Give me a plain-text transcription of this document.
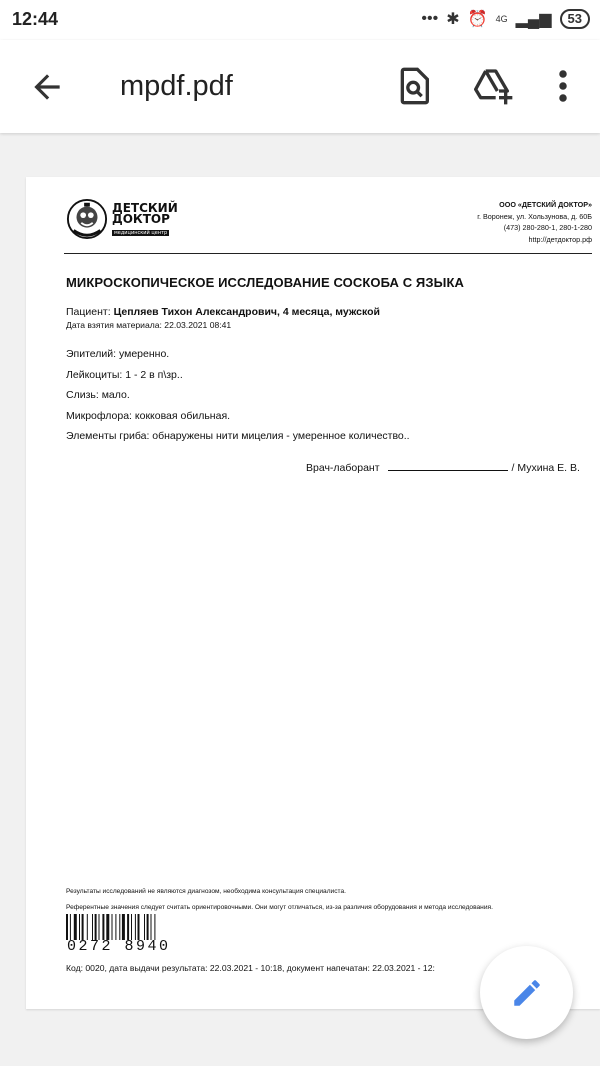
12:44	••• ✱ ⏰ 4G ▂▄▆	53
mpdf.pdf
ДЕТСКИЙ
ДОКТОР
медицинский центр
ООО «ДЕТСКИЙ ДОКТОР»
г. Воронеж, ул. Хользунова, д. 60Б
(473) 280-280-1, 280-1-280
http://детдоктор.рф
МИКРОСКОПИЧЕСКОЕ ИССЛЕДОВАНИЕ СОСКОБА С ЯЗЫКА
Пациент: Цепляев Тихон Александрович, 4 месяца, мужской
Дата взятия материала: 22.03.2021 08:41
Эпителий: умеренно.
Лейкоциты: 1 - 2 в п\зр..
Слизь: мало.
Микрофлора: кокковая обильная.
Элементы гриба: обнаружены нити мицелия - умеренное количество..
Врач-лаборант	/ Мухина Е. В.
Результаты исследований не являются диагнозом, необходима консультация специалиста.
Референтные значения следует считать ориентировочными. Они могут отличаться, из-за различия оборудования и метода исследования.
0272 8940
Код: 0020, дата выдачи результата: 22.03.2021 - 10:18, документ напечатан: 22.03.2021 - 12:
